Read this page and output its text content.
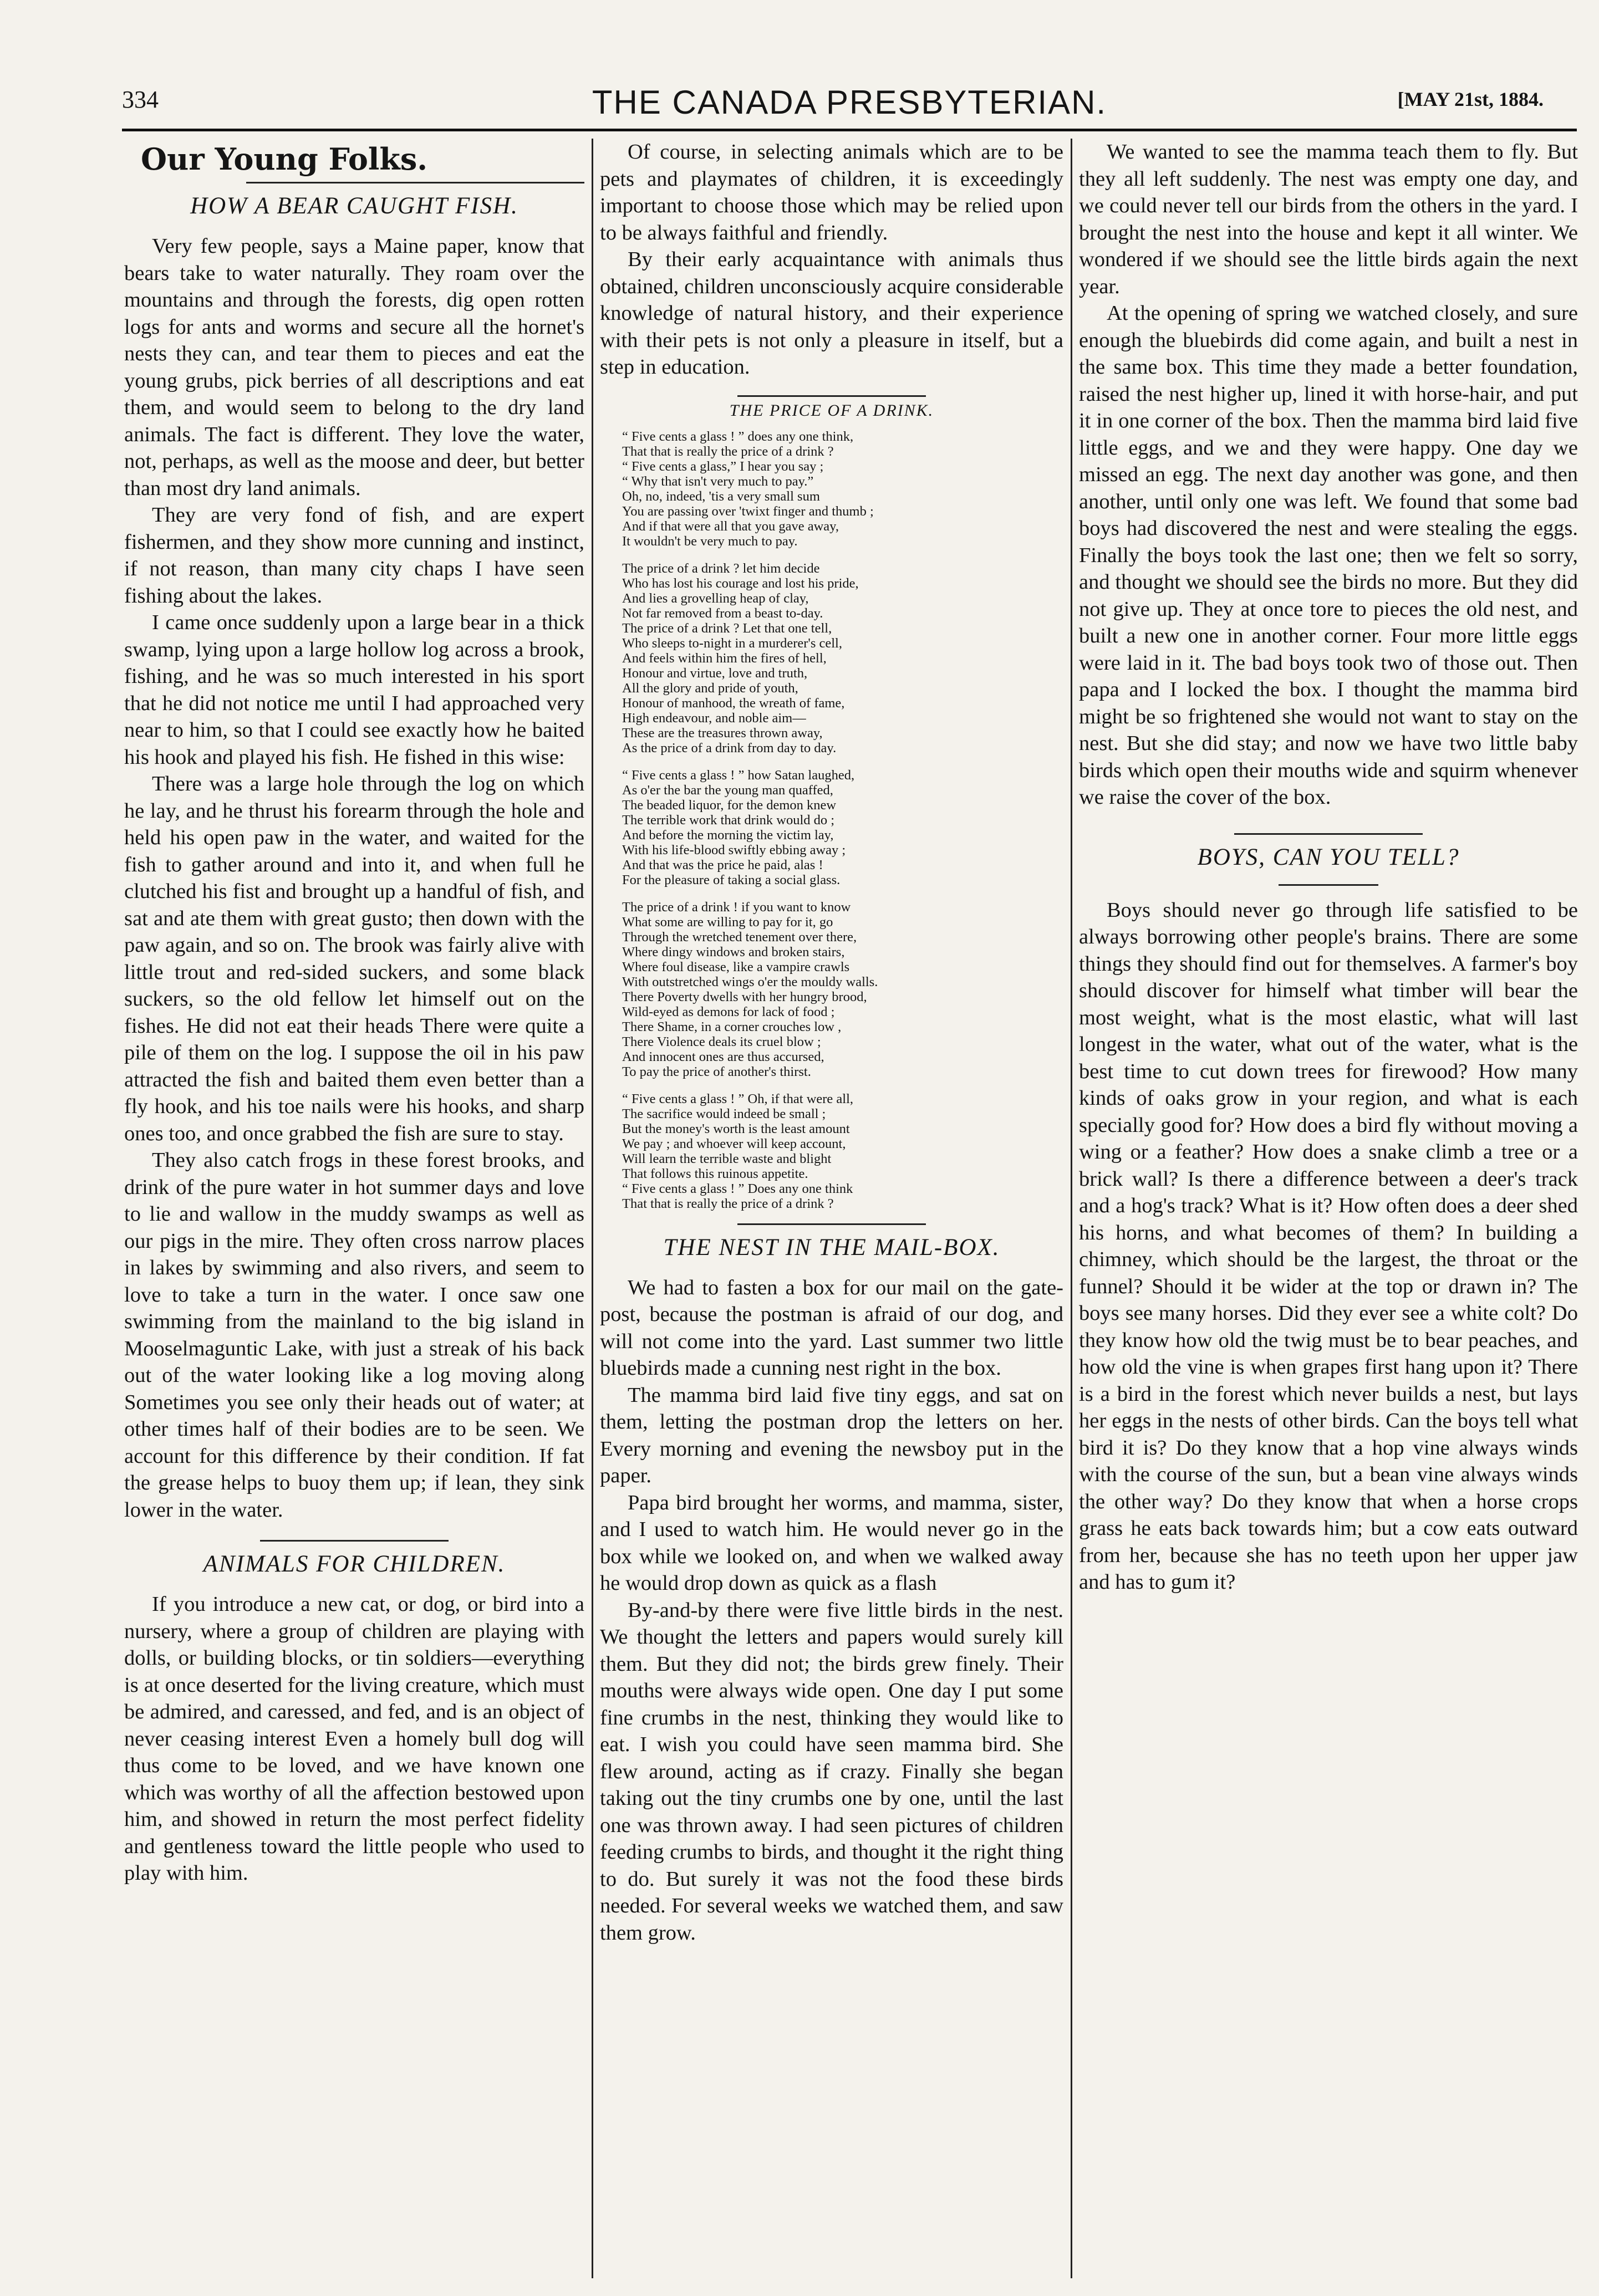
334	THE CANADA PRESBYTERIAN.	[MAY 21st, 1884.
Our Young Folks.
HOW A BEAR CAUGHT FISH.

Very few people, says a Maine paper, know that bears take to water naturally. They roam over the mountains and through the forests, dig open rotten logs for ants and worms and secure all the hornet's nests they can, and tear them to pieces and eat the young grubs, pick berries of all descriptions and eat them, and would seem to belong to the dry land animals. The fact is different. They love the water, not, perhaps, as well as the moose and deer, but better than most dry land animals.

They are very fond of fish, and are expert fishermen, and they show more cunning and instinct, if not reason, than many city chaps I have seen fishing about the lakes.

I came once suddenly upon a large bear in a thick swamp, lying upon a large hollow log across a brook, fishing, and he was so much interested in his sport that he did not notice me until I had approached very near to him, so that I could see exactly how he baited his hook and played his fish. He fished in this wise:

There was a large hole through the log on which he lay, and he thrust his forearm through the hole and held his open paw in the water, and waited for the fish to gather around and into it, and when full he clutched his fist and brought up a handful of fish, and sat and ate them with great gusto; then down with the paw again, and so on. The brook was fairly alive with little trout and red-sided suckers, and some black suckers, so the old fellow let himself out on the fishes. He did not eat their heads There were quite a pile of them on the log. I suppose the oil in his paw attracted the fish and baited them even better than a fly hook, and his toe nails were his hooks, and sharp ones too, and once grabbed the fish are sure to stay.

They also catch frogs in these forest brooks, and drink of the pure water in hot summer days and love to lie and wallow in the muddy swamps as well as our pigs in the mire. They often cross narrow places in lakes by swimming and also rivers, and seem to love to take a turn in the water. I once saw one swimming from the mainland to the big island in Mooselmaguntic Lake, with just a streak of his back out of the water looking like a log moving along Sometimes you see only their heads out of water; at other times half of their bodies are to be seen. We account for this difference by their condition. If fat the grease helps to buoy them up; if lean, they sink lower in the water.

ANIMALS FOR CHILDREN.

If you introduce a new cat, or dog, or bird into a nursery, where a group of children are playing with dolls, or building blocks, or tin soldiers—everything is at once deserted for the living creature, which must be admired, and caressed, and fed, and is an object of never ceasing interest Even a homely bull dog will thus come to be loved, and we have known one which was worthy of all the affection bestowed upon him, and showed in return the most perfect fidelity and gentleness toward the little people who used to play with him.

Of course, in selecting animals which are to be pets and playmates of children, it is exceedingly important to choose those which may be relied upon to be always faithful and friendly.

By their early acquaintance with animals thus obtained, children unconsciously acquire considerable knowledge of natural history, and their experience with their pets is not only a pleasure in itself, but a step in education.

THE PRICE OF A DRINK.
“ Five cents a glass ! ” does any one think,
That that is really the price of a drink ?
“ Five cents a glass,” I hear you say ;
“ Why that isn't very much to pay.”
Oh, no, indeed, 'tis a very small sum
You are passing over 'twixt finger and thumb ;
And if that were all that you gave away,
It wouldn't be very much to pay.
The price of a drink ? let him decide
Who has lost his courage and lost his pride,
And lies a grovelling heap of clay,
Not far removed from a beast to-day.
The price of a drink ? Let that one tell,
Who sleeps to-night in a murderer's cell,
And feels within him the fires of hell,
Honour and virtue, love and truth,
All the glory and pride of youth,
Honour of manhood, the wreath of fame,
High endeavour, and noble aim—
These are the treasures thrown away,
As the price of a drink from day to day.
“ Five cents a glass ! ” how Satan laughed,
As o'er the bar the young man quaffed,
The beaded liquor, for the demon knew
The terrible work that drink would do ;
And before the morning the victim lay,
With his life-blood swiftly ebbing away ;
And that was the price he paid, alas !
For the pleasure of taking a social glass.
The price of a drink ! if you want to know
What some are willing to pay for it, go
Through the wretched tenement over there,
Where dingy windows and broken stairs,
Where foul disease, like a vampire crawls
With outstretched wings o'er the mouldy walls.
There Poverty dwells with her hungry brood,
Wild-eyed as demons for lack of food ;
There Shame, in a corner crouches low ,
There Violence deals its cruel blow ;
And innocent ones are thus accursed,
To pay the price of another's thirst.
“ Five cents a glass ! ” Oh, if that were all,
The sacrifice would indeed be small ;
But the money's worth is the least amount
We pay ; and whoever will keep account,
Will learn the terrible waste and blight
That follows this ruinous appetite.
“ Five cents a glass ! ” Does any one think
That that is really the price of a drink ?
THE NEST IN THE MAIL-BOX.

We had to fasten a box for our mail on the gate-post, because the postman is afraid of our dog, and will not come into the yard. Last summer two little bluebirds made a cunning nest right in the box.

The mamma bird laid five tiny eggs, and sat on them, letting the postman drop the letters on her. Every morning and evening the newsboy put in the paper.

Papa bird brought her worms, and mamma, sister, and I used to watch him. He would never go in the box while we looked on, and when we walked away he would drop down as quick as a flash

By-and-by there were five little birds in the nest. We thought the letters and papers would surely kill them. But they did not; the birds grew finely. Their mouths were always wide open. One day I put some fine crumbs in the nest, thinking they would like to eat. I wish you could have seen mamma bird. She flew around, acting as if crazy. Finally she began taking out the tiny crumbs one by one, until the last one was thrown away. I had seen pictures of children feeding crumbs to birds, and thought it the right thing to do. But surely it was not the food these birds needed. For several weeks we watched them, and saw them grow.

We wanted to see the mamma teach them to fly. But they all left suddenly. The nest was empty one day, and we could never tell our birds from the others in the yard. I brought the nest into the house and kept it all winter. We wondered if we should see the little birds again the next year.

At the opening of spring we watched closely, and sure enough the bluebirds did come again, and built a nest in the same box. This time they made a better foundation, raised the nest higher up, lined it with horse-hair, and put it in one corner of the box. Then the mamma bird laid five little eggs, and we and they were happy. One day we missed an egg. The next day another was gone, and then another, until only one was left. We found that some bad boys had discovered the nest and were stealing the eggs. Finally the boys took the last one; then we felt so sorry, and thought we should see the birds no more. But they did not give up. They at once tore to pieces the old nest, and built a new one in another corner. Four more little eggs were laid in it. The bad boys took two of those out. Then papa and I locked the box. I thought the mamma bird might be so frightened she would not want to stay on the nest. But she did stay; and now we have two little baby birds which open their mouths wide and squirm whenever we raise the cover of the box.

BOYS, CAN YOU TELL?

Boys should never go through life satisfied to be always borrowing other people's brains. There are some things they should find out for themselves. A farmer's boy should discover for himself what timber will bear the most weight, what is the most elastic, what will last longest in the water, what out of the water, what is the best time to cut down trees for firewood? How many kinds of oaks grow in your region, and what is each specially good for? How does a bird fly without moving a wing or a feather? How does a snake climb a tree or a brick wall? Is there a difference between a deer's track and a hog's track? What is it? How often does a deer shed his horns, and what becomes of them? In building a chimney, which should be the largest, the throat or the funnel? Should it be wider at the top or drawn in? The boys see many horses. Did they ever see a white colt? Do they know how old the twig must be to bear peaches, and how old the vine is when grapes first hang upon it? There is a bird in the forest which never builds a nest, but lays her eggs in the nests of other birds. Can the boys tell what bird it is? Do they know that a hop vine always winds with the course of the sun, but a bean vine always winds the other way? Do they know that when a horse crops grass he eats back towards him; but a cow eats outward from her, because she has no teeth upon her upper jaw and has to gum it?
